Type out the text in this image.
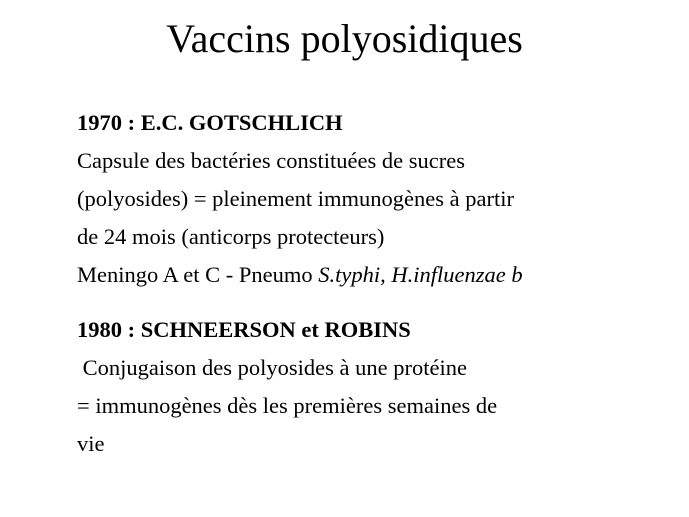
Vaccins polyosidiques
1970 : E.C. GOTSCHLICH
Capsule des bactéries constituées de sucres
(polyosides) = pleinement immunogènes à partir
de 24 mois (anticorps protecteurs)
Meningo A et C - Pneumo S.typhi, H.influenzae b
1980 : SCHNEERSON et ROBINS
Conjugaison des polyosides à une protéine
= immunogènes dès les premières semaines de
vie
